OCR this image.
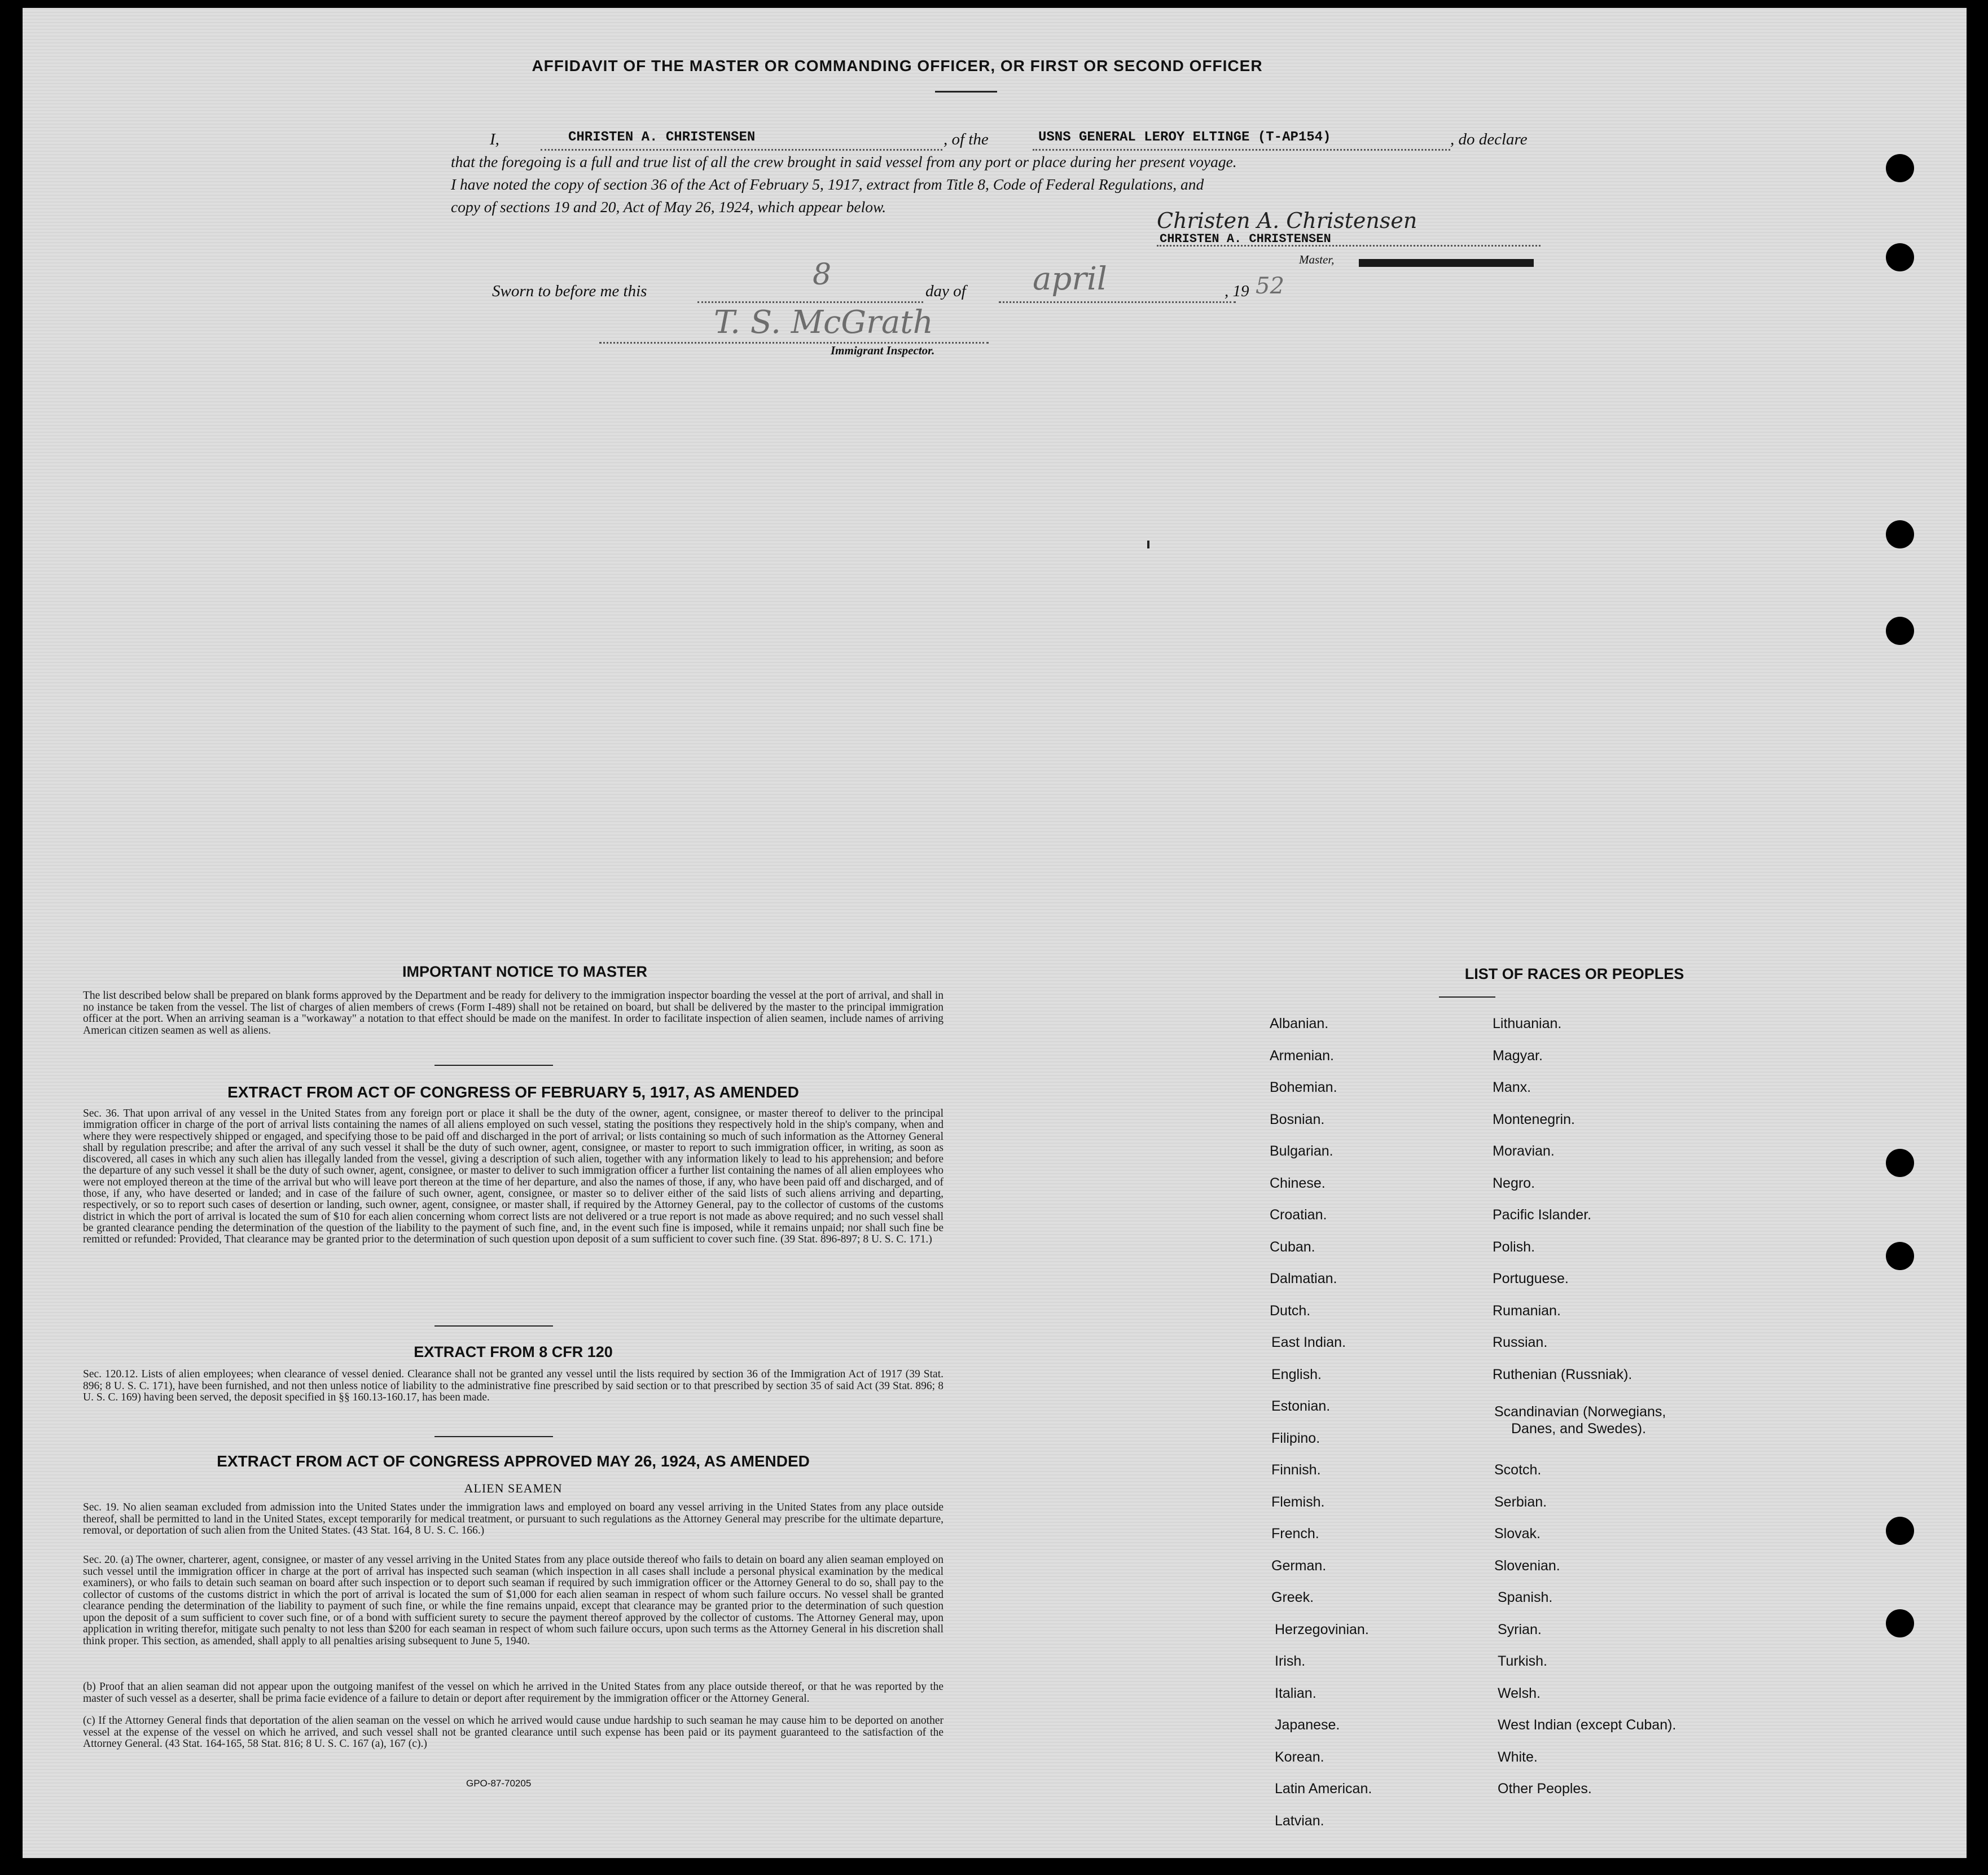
AFFIDAVIT OF THE MASTER OR COMMANDING OFFICER, OR FIRST OR SECOND OFFICER
I,	CHRISTEN A. CHRISTENSEN	, of the	USNS GENERAL LEROY ELTINGE (T-AP154)	, do declare
that the foregoing is a full and true list of all the crew brought in said vessel from any port or place during her present voyage.
I have noted the copy of section 36 of the Act of February 5, 1917, extract from Title 8, Code of Federal Regulations, and
copy of sections 19 and 20, Act of May 26, 1924, which appear below.
Christen A. Christensen
CHRISTEN A. CHRISTENSEN
Master,
Sworn to before me this	8	day of april	, 19 52
T. S. McGrath
Immigrant Inspector.
IMPORTANT NOTICE TO MASTER
The list described below shall be prepared on blank forms approved by the Department and be ready for delivery to the immigration inspector boarding the vessel at the port of arrival, and shall in no instance be taken from the vessel. The list of charges of alien members of crews (Form I-489) shall not be retained on board, but shall be delivered by the master to the principal immigration officer at the port. When an arriving seaman is a "workaway" a notation to that effect should be made on the manifest. In order to facilitate inspection of alien seamen, include names of arriving American citizen seamen as well as aliens.
EXTRACT FROM ACT OF CONGRESS OF FEBRUARY 5, 1917, AS AMENDED
Sec. 36. That upon arrival of any vessel in the United States from any foreign port or place it shall be the duty of the owner, agent, consignee, or master thereof to deliver to the principal immigration officer in charge of the port of arrival lists containing the names of all aliens employed on such vessel, stating the positions they respectively hold in the ship's company, when and where they were respectively shipped or engaged, and specifying those to be paid off and discharged in the port of arrival; or lists containing so much of such information as the Attorney General shall by regulation prescribe; and after the arrival of any such vessel it shall be the duty of such owner, agent, consignee, or master to report to such immigration officer, in writing, as soon as discovered, all cases in which any such alien has illegally landed from the vessel, giving a description of such alien, together with any information likely to lead to his apprehension; and before the departure of any such vessel it shall be the duty of such owner, agent, consignee, or master to deliver to such immigration officer a further list containing the names of all alien employees who were not employed thereon at the time of the arrival but who will leave port thereon at the time of her departure, and also the names of those, if any, who have been paid off and discharged, and of those, if any, who have deserted or landed; and in case of the failure of such owner, agent, consignee, or master so to deliver either of the said lists of such aliens arriving and departing, respectively, or so to report such cases of desertion or landing, such owner, agent, consignee, or master shall, if required by the Attorney General, pay to the collector of customs of the customs district in which the port of arrival is located the sum of $10 for each alien concerning whom correct lists are not delivered or a true report is not made as above required; and no such vessel shall be granted clearance pending the determination of the question of the liability to the payment of such fine, and, in the event such fine is imposed, while it remains unpaid; nor shall such fine be remitted or refunded: Provided, That clearance may be granted prior to the determination of such question upon deposit of a sum sufficient to cover such fine. (39 Stat. 896-897; 8 U. S. C. 171.)
EXTRACT FROM 8 CFR 120
Sec. 120.12. Lists of alien employees; when clearance of vessel denied. Clearance shall not be granted any vessel until the lists required by section 36 of the Immigration Act of 1917 (39 Stat. 896; 8 U. S. C. 171), have been furnished, and not then unless notice of liability to the administrative fine prescribed by said section or to that prescribed by section 35 of said Act (39 Stat. 896; 8 U. S. C. 169) having been served, the deposit specified in §§ 160.13-160.17, has been made.
EXTRACT FROM ACT OF CONGRESS APPROVED MAY 26, 1924, AS AMENDED
ALIEN SEAMEN
Sec. 19. No alien seaman excluded from admission into the United States under the immigration laws and employed on board any vessel arriving in the United States from any place outside thereof, shall be permitted to land in the United States, except temporarily for medical treatment, or pursuant to such regulations as the Attorney General may prescribe for the ultimate departure, removal, or deportation of such alien from the United States. (43 Stat. 164, 8 U. S. C. 166.)
Sec. 20. (a) The owner, charterer, agent, consignee, or master of any vessel arriving in the United States from any place outside thereof who fails to detain on board any alien seaman employed on such vessel until the immigration officer in charge at the port of arrival has inspected such seaman (which inspection in all cases shall include a personal physical examination by the medical examiners), or who fails to detain such seaman on board after such inspection or to deport such seaman if required by such immigration officer or the Attorney General to do so, shall pay to the collector of customs of the customs district in which the port of arrival is located the sum of $1,000 for each alien seaman in respect of whom such failure occurs. No vessel shall be granted clearance pending the determination of the liability to payment of such fine, or while the fine remains unpaid, except that clearance may be granted prior to the determination of such question upon the deposit of a sum sufficient to cover such fine, or of a bond with sufficient surety to secure the payment thereof approved by the collector of customs. The Attorney General may, upon application in writing therefor, mitigate such penalty to not less than $200 for each seaman in respect of whom such failure occurs, upon such terms as the Attorney General in his discretion shall think proper. This section, as amended, shall apply to all penalties arising subsequent to June 5, 1940.
(b) Proof that an alien seaman did not appear upon the outgoing manifest of the vessel on which he arrived in the United States from any place outside thereof, or that he was reported by the master of such vessel as a deserter, shall be prima facie evidence of a failure to detain or deport after requirement by the immigration officer or the Attorney General.
(c) If the Attorney General finds that deportation of the alien seaman on the vessel on which he arrived would cause undue hardship to such seaman he may cause him to be deported on another vessel at the expense of the vessel on which he arrived, and such vessel shall not be granted clearance until such expense has been paid or its payment guaranteed to the satisfaction of the Attorney General. (43 Stat. 164-165, 58 Stat. 816; 8 U. S. C. 167 (a), 167 (c).)
GPO-87-70205
LIST OF RACES OR PEOPLES
Albanian.
Armenian.
Bohemian.
Bosnian.
Bulgarian.
Chinese.
Croatian.
Cuban.
Dalmatian.
Dutch.
East Indian.
English.
Estonian.
Filipino.
Finnish.
Flemish.
French.
German.
Greek.
Herzegovinian.
Irish.
Italian.
Japanese.
Korean.
Latin American.
Latvian.
Lithuanian.
Magyar.
Manx.
Montenegrin.
Moravian.
Negro.
Pacific Islander.
Polish.
Portuguese.
Rumanian.
Russian.
Ruthenian (Russniak).
Scandinavian (Norwegians,
Danes, and Swedes).
Scotch.
Serbian.
Slovak.
Slovenian.
Spanish.
Syrian.
Turkish.
Welsh.
West Indian (except Cuban).
White.
Other Peoples.
